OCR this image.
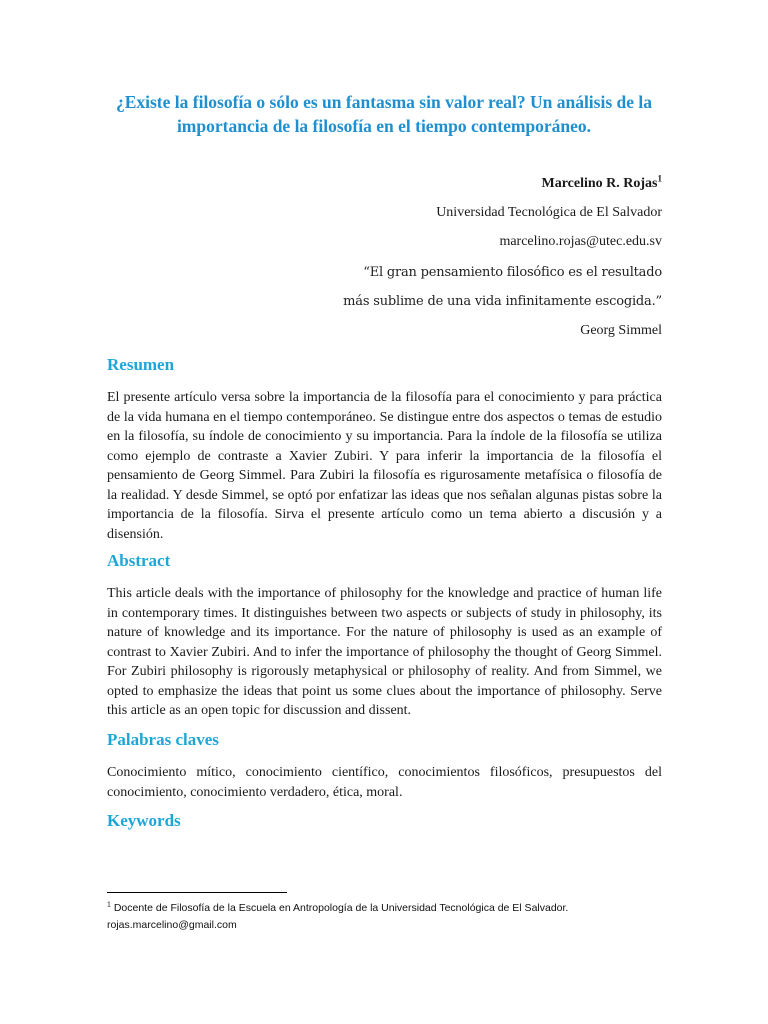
¿Existe la filosofía o sólo es un fantasma sin valor real? Un análisis de la importancia de la filosofía en el tiempo contemporáneo.

Marcelino R. Rojas$^1$

Universidad Tecnológica de El Salvador

marcelino.rojas@utec.edu.sv

“El gran pensamiento filosófico es el resultado

más sublime de una vida infinitamente escogida.”

Georg Simmel

Resumen

El presente artículo versa sobre la importancia de la filosofía para el conocimiento y para práctica de la vida humana en el tiempo contemporáneo. Se distingue entre dos aspectos o temas de estudio en la filosofía, su índole de conocimiento y su importancia. Para la índole de la filosofía se utiliza como ejemplo de contraste a Xavier Zubiri. Y para inferir la importancia de la filosofía el pensamiento de Georg Simmel. Para Zubiri la filosofía es rigurosamente metafísica o filosofía de la realidad. Y desde Simmel, se optó por enfatizar las ideas que nos señalan algunas pistas sobre la importancia de la filosofía. Sirva el presente artículo como un tema abierto a discusión y a disensión.

Abstract

This article deals with the importance of philosophy for the knowledge and practice of human life in contemporary times. It distinguishes between two aspects or subjects of study in philosophy, its nature of knowledge and its importance. For the nature of philosophy is used as an example of contrast to Xavier Zubiri. And to infer the importance of philosophy the thought of Georg Simmel. For Zubiri philosophy is rigorously metaphysical or philosophy of reality. And from Simmel, we opted to emphasize the ideas that point us some clues about the importance of philosophy. Serve this article as an open topic for discussion and dissent.

Palabras claves

Conocimiento mítico, conocimiento científico, conocimientos filosóficos, presupuestos del conocimiento, conocimiento verdadero, ética, moral.

Keywords

$^1$ Docente de Filosofía de la Escuela en Antropología de la Universidad Tecnológica de El Salvador.

rojas.marcelino@gmail.com
